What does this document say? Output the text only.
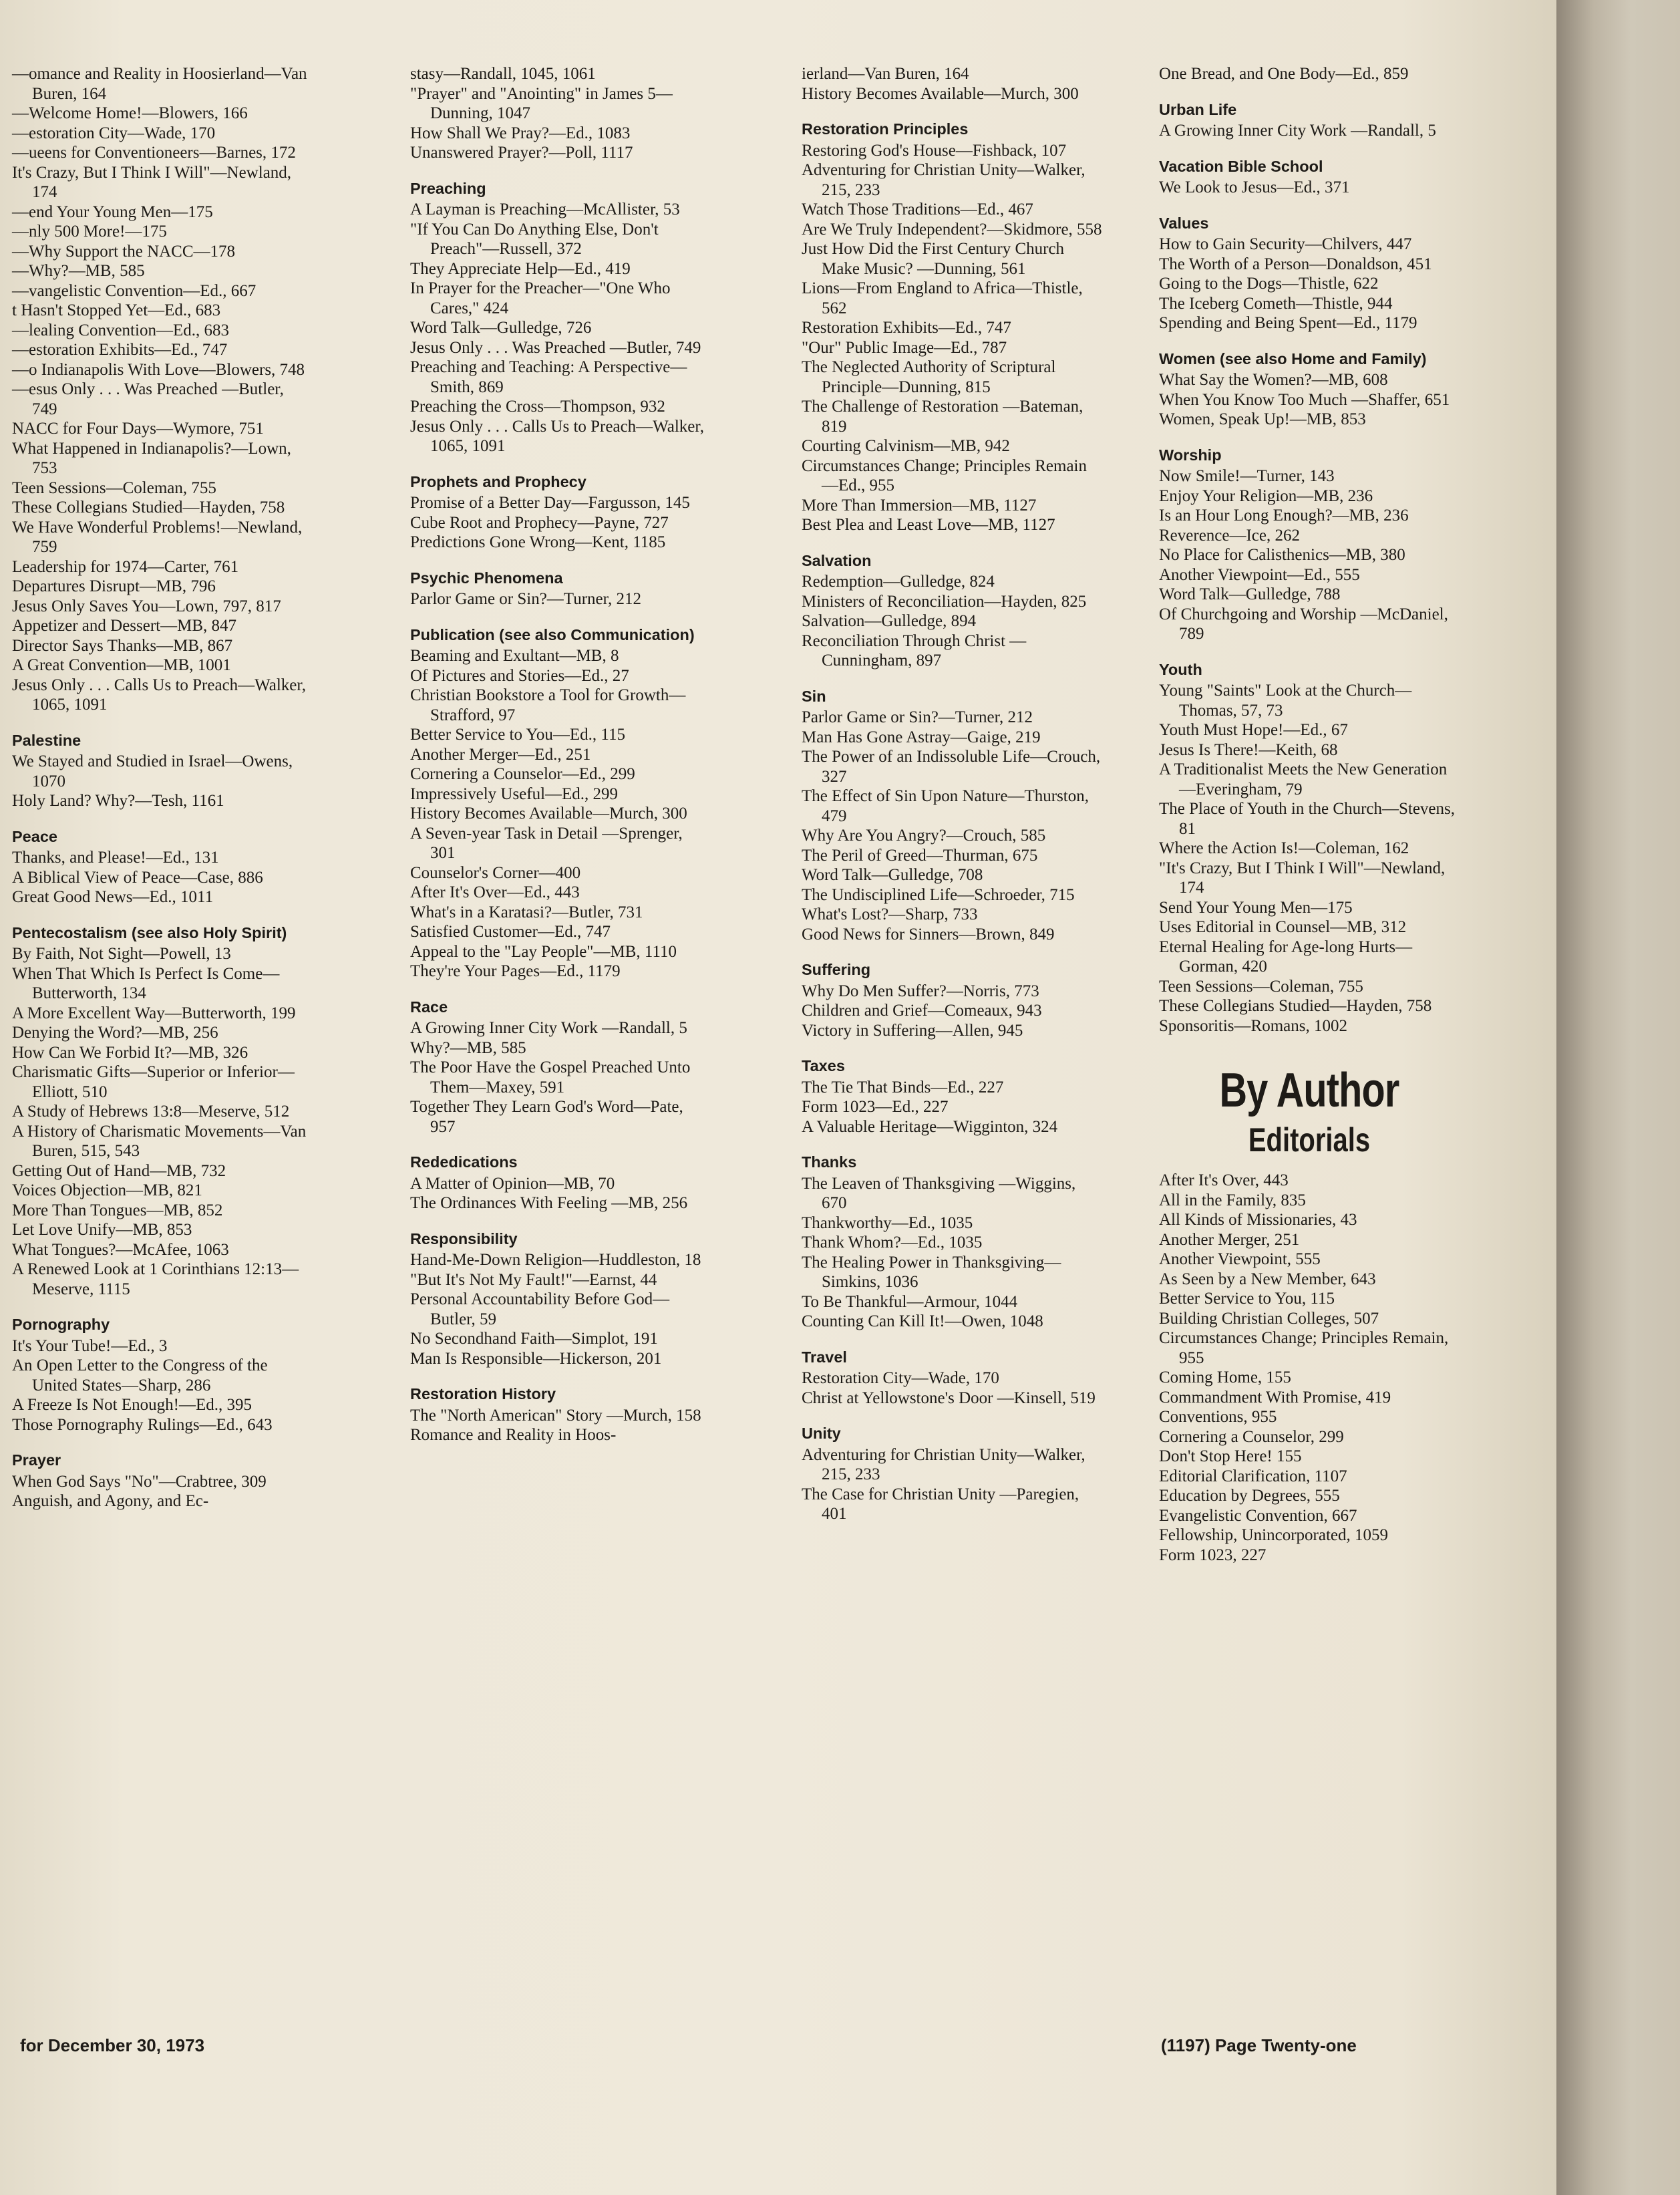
—omance and Reality in Hoosierland—Van Buren, 164

—Welcome Home!—Blowers, 166

—estoration City—Wade, 170

—ueens for Conventioneers—Barnes, 172

It's Crazy, But I Think I Will"—Newland, 174

—end Your Young Men—175

—nly 500 More!—175

—Why Support the NACC—178

—Why?—MB, 585

—vangelistic Convention—Ed., 667

t Hasn't Stopped Yet—Ed., 683

—lealing Convention—Ed., 683

—estoration Exhibits—Ed., 747

—o Indianapolis With Love—Blowers, 748

—esus Only . . . Was Preached —Butler, 749

NACC for Four Days—Wymore, 751

What Happened in Indianapolis?—Lown, 753

Teen Sessions—Coleman, 755

These Collegians Studied—Hayden, 758

We Have Wonderful Problems!—Newland, 759

Leadership for 1974—Carter, 761

Departures Disrupt—MB, 796

Jesus Only Saves You—Lown, 797, 817

Appetizer and Dessert—MB, 847

Director Says Thanks—MB, 867

A Great Convention—MB, 1001

Jesus Only . . . Calls Us to Preach—Walker, 1065, 1091

Palestine

We Stayed and Studied in Israel—Owens, 1070

Holy Land? Why?—Tesh, 1161

Peace

Thanks, and Please!—Ed., 131

A Biblical View of Peace—Case, 886

Great Good News—Ed., 1011

Pentecostalism (see also Holy Spirit)

By Faith, Not Sight—Powell, 13

When That Which Is Perfect Is Come—Butterworth, 134

A More Excellent Way—Butterworth, 199

Denying the Word?—MB, 256

How Can We Forbid It?—MB, 326

Charismatic Gifts—Superior or Inferior—Elliott, 510

A Study of Hebrews 13:8—Meserve, 512

A History of Charismatic Movements—Van Buren, 515, 543

Getting Out of Hand—MB, 732

Voices Objection—MB, 821

More Than Tongues—MB, 852

Let Love Unify—MB, 853

What Tongues?—McAfee, 1063

A Renewed Look at 1 Corinthians 12:13—Meserve, 1115

Pornography

It's Your Tube!—Ed., 3

An Open Letter to the Congress of the United States—Sharp, 286

A Freeze Is Not Enough!—Ed., 395

Those Pornography Rulings—Ed., 643

Prayer

When God Says "No"—Crabtree, 309

Anguish, and Agony, and Ec-

stasy—Randall, 1045, 1061

"Prayer" and "Anointing" in James 5—Dunning, 1047

How Shall We Pray?—Ed., 1083

Unanswered Prayer?—Poll, 1117

Preaching

A Layman is Preaching—McAllister, 53

"If You Can Do Anything Else, Don't Preach"—Russell, 372

They Appreciate Help—Ed., 419

In Prayer for the Preacher—"One Who Cares," 424

Word Talk—Gulledge, 726

Jesus Only . . . Was Preached —Butler, 749

Preaching and Teaching: A Perspective—Smith, 869

Preaching the Cross—Thompson, 932

Jesus Only . . . Calls Us to Preach—Walker, 1065, 1091

Prophets and Prophecy

Promise of a Better Day—Fargusson, 145

Cube Root and Prophecy—Payne, 727

Predictions Gone Wrong—Kent, 1185

Psychic Phenomena

Parlor Game or Sin?—Turner, 212

Publication (see also Communication)

Beaming and Exultant—MB, 8

Of Pictures and Stories—Ed., 27

Christian Bookstore a Tool for Growth—Strafford, 97

Better Service to You—Ed., 115

Another Merger—Ed., 251

Cornering a Counselor—Ed., 299

Impressively Useful—Ed., 299

History Becomes Available—Murch, 300

A Seven-year Task in Detail —Sprenger, 301

Counselor's Corner—400

After It's Over—Ed., 443

What's in a Karatasi?—Butler, 731

Satisfied Customer—Ed., 747

Appeal to the "Lay People"—MB, 1110

They're Your Pages—Ed., 1179

Race

A Growing Inner City Work —Randall, 5

Why?—MB, 585

The Poor Have the Gospel Preached Unto Them—Maxey, 591

Together They Learn God's Word—Pate, 957

Rededications

A Matter of Opinion—MB, 70

The Ordinances With Feeling —MB, 256

Responsibility

Hand-Me-Down Religion—Huddleston, 18

"But It's Not My Fault!"—Earnst, 44

Personal Accountability Before God—Butler, 59

No Secondhand Faith—Simplot, 191

Man Is Responsible—Hickerson, 201

Restoration History

The "North American" Story —Murch, 158

Romance and Reality in Hoos-

ierland—Van Buren, 164

History Becomes Available—Murch, 300

Restoration Principles

Restoring God's House—Fishback, 107

Adventuring for Christian Unity—Walker, 215, 233

Watch Those Traditions—Ed., 467

Are We Truly Independent?—Skidmore, 558

Just How Did the First Century Church Make Music? —Dunning, 561

Lions—From England to Africa—Thistle, 562

Restoration Exhibits—Ed., 747

"Our" Public Image—Ed., 787

The Neglected Authority of Scriptural Principle—Dunning, 815

The Challenge of Restoration —Bateman, 819

Courting Calvinism—MB, 942

Circumstances Change; Principles Remain—Ed., 955

More Than Immersion—MB, 1127

Best Plea and Least Love—MB, 1127

Salvation

Redemption—Gulledge, 824

Ministers of Reconciliation—Hayden, 825

Salvation—Gulledge, 894

Reconciliation Through Christ —Cunningham, 897

Sin

Parlor Game or Sin?—Turner, 212

Man Has Gone Astray—Gaige, 219

The Power of an Indissoluble Life—Crouch, 327

The Effect of Sin Upon Nature—Thurston, 479

Why Are You Angry?—Crouch, 585

The Peril of Greed—Thurman, 675

Word Talk—Gulledge, 708

The Undisciplined Life—Schroeder, 715

What's Lost?—Sharp, 733

Good News for Sinners—Brown, 849

Suffering

Why Do Men Suffer?—Norris, 773

Children and Grief—Comeaux, 943

Victory in Suffering—Allen, 945

Taxes

The Tie That Binds—Ed., 227

Form 1023—Ed., 227

A Valuable Heritage—Wigginton, 324

Thanks

The Leaven of Thanksgiving —Wiggins, 670

Thankworthy—Ed., 1035

Thank Whom?—Ed., 1035

The Healing Power in Thanksgiving—Simkins, 1036

To Be Thankful—Armour, 1044

Counting Can Kill It!—Owen, 1048

Travel

Restoration City—Wade, 170

Christ at Yellowstone's Door —Kinsell, 519

Unity

Adventuring for Christian Unity—Walker, 215, 233

The Case for Christian Unity —Paregien, 401

One Bread, and One Body—Ed., 859

Urban Life

A Growing Inner City Work —Randall, 5

Vacation Bible School

We Look to Jesus—Ed., 371

Values

How to Gain Security—Chilvers, 447

The Worth of a Person—Donaldson, 451

Going to the Dogs—Thistle, 622

The Iceberg Cometh—Thistle, 944

Spending and Being Spent—Ed., 1179

Women (see also Home and Family)

What Say the Women?—MB, 608

When You Know Too Much —Shaffer, 651

Women, Speak Up!—MB, 853

Worship

Now Smile!—Turner, 143

Enjoy Your Religion—MB, 236

Is an Hour Long Enough?—MB, 236

Reverence—Ice, 262

No Place for Calisthenics—MB, 380

Another Viewpoint—Ed., 555

Word Talk—Gulledge, 788

Of Churchgoing and Worship —McDaniel, 789

Youth

Young "Saints" Look at the Church—Thomas, 57, 73

Youth Must Hope!—Ed., 67

Jesus Is There!—Keith, 68

A Traditionalist Meets the New Generation—Everingham, 79

The Place of Youth in the Church—Stevens, 81

Where the Action Is!—Coleman, 162

"It's Crazy, But I Think I Will"—Newland, 174

Send Your Young Men—175

Uses Editorial in Counsel—MB, 312

Eternal Healing for Age-long Hurts—Gorman, 420

Teen Sessions—Coleman, 755

These Collegians Studied—Hayden, 758

Sponsoritis—Romans, 1002

By Author
Editorials

After It's Over, 443

All in the Family, 835

All Kinds of Missionaries, 43

Another Merger, 251

Another Viewpoint, 555

As Seen by a New Member, 643

Better Service to You, 115

Building Christian Colleges, 507

Circumstances Change; Principles Remain, 955

Coming Home, 155

Commandment With Promise, 419

Conventions, 955

Cornering a Counselor, 299

Don't Stop Here! 155

Editorial Clarification, 1107

Education by Degrees, 555

Evangelistic Convention, 667

Fellowship, Unincorporated, 1059

Form 1023, 227

for December 30, 1973	(1197) Page Twenty-one
